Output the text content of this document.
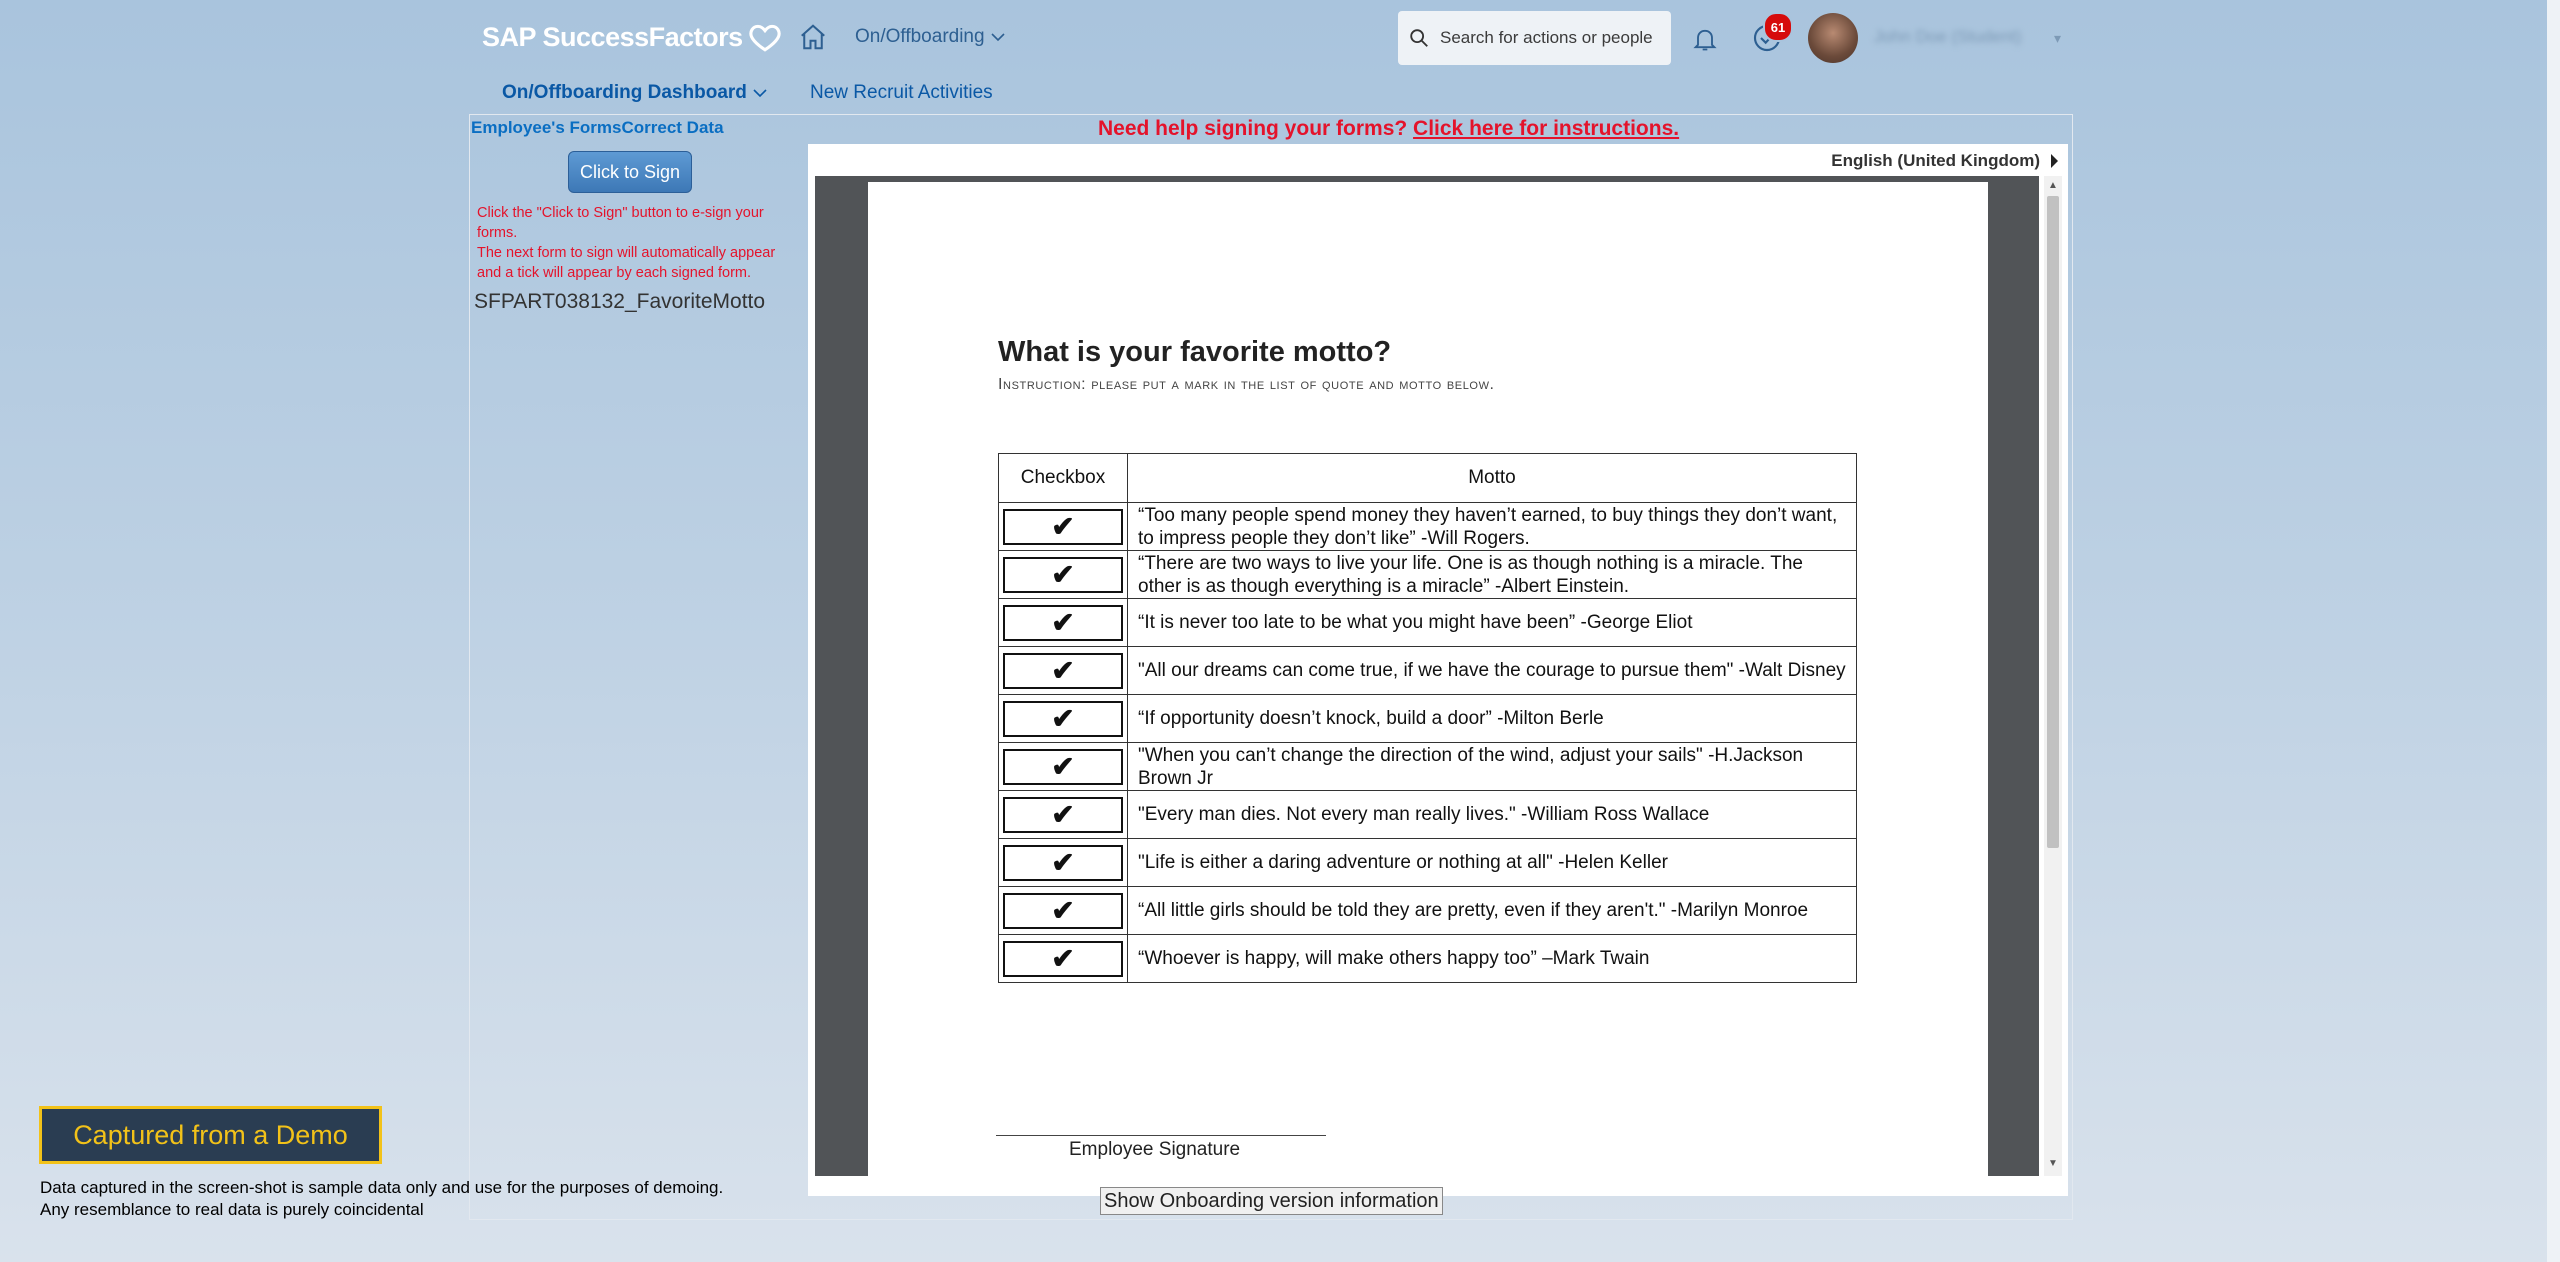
SAP SuccessFactors	On/Offboarding
Search for actions or people	61	John Doe (Student)	▾
On/Offboarding Dashboard	New Recruit Activities
Employee's FormsCorrect Data
Click to Sign
Click the "Click to Sign" button to e-sign your forms.
The next form to sign will automatically appear and a tick will appear by each signed form.
SFPART038132_FavoriteMotto
Need help signing your forms? Click here for instructions.
English (United Kingdom)
▲
▼
What is your favorite motto?
Instruction: please put a mark in the list of quote and motto below.
Checkbox	Motto

✔	“Too many people spend money they haven’t earned, to buy things they don’t want, to impress people they don’t like” -Will Rogers.

✔	“There are two ways to live your life. One is as though nothing is a miracle. The other is as though everything is a miracle” -Albert Einstein.

✔	“It is never too late to be what you might have been” -George Eliot

✔	"All our dreams can come true, if we have the courage to pursue them" -Walt Disney

✔	“If opportunity doesn’t knock, build a door” -Milton Berle

✔	"When you can’t change the direction of the wind, adjust your sails" -H.Jackson Brown Jr

✔	"Every man dies. Not every man really lives." -William Ross Wallace

✔	"Life is either a daring adventure or nothing at all" -Helen Keller

✔	“All little girls should be told they are pretty, even if they aren't." -Marilyn Monroe

✔	“Whoever is happy, will make others happy too” –Mark Twain
Employee Signature
Show Onboarding version information
Captured from a Demo
Data captured in the screen-shot is sample data only and use for the purposes of demoing.
Any resemblance to real data is purely coincidental
